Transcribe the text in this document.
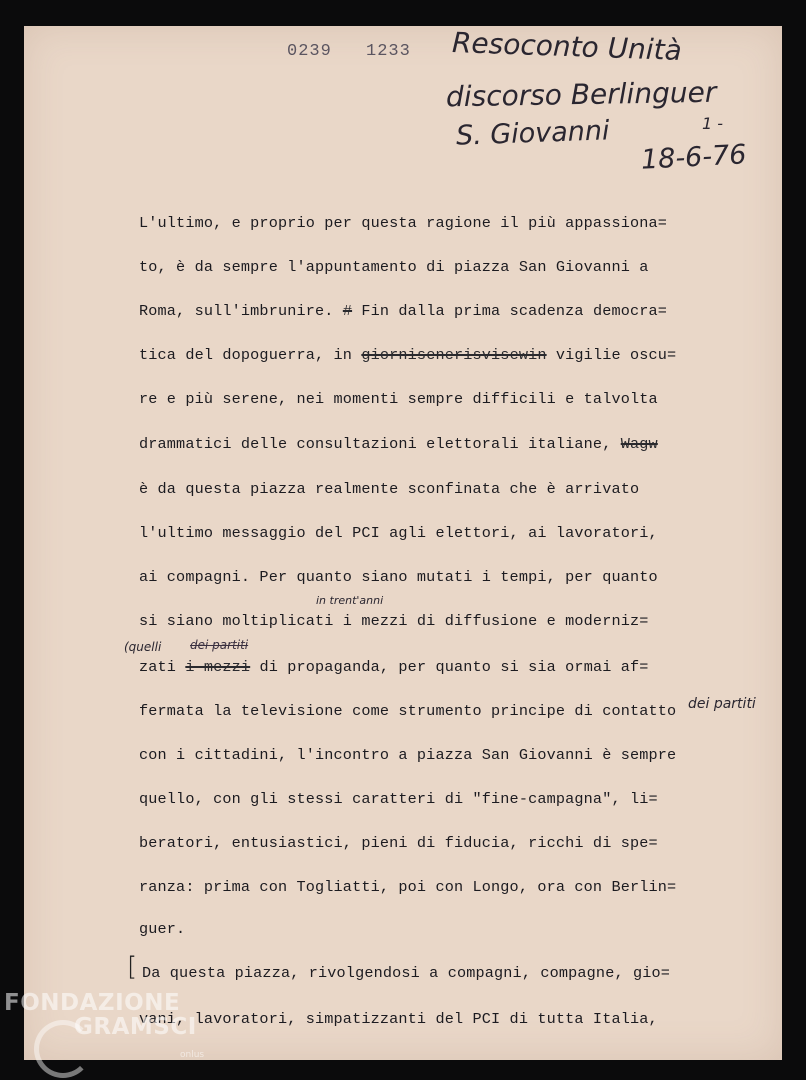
0239 1233 Resoconto Unità
discorso Berlinguer
S. Giovanni	1 -
18-6-76
L'ultimo, e proprio per questa ragione il più appassiona=
to, è da sempre l'appuntamento di piazza San Giovanni a
Roma, sull'imbrunire. # Fin dalla prima scadenza democra=
tica del dopoguerra, in giornisenerisvisewin vigilie oscu=
re e più serene, nei momenti sempre difficili e talvolta
drammatici delle consultazioni elettorali italiane, Wagw
è da questa piazza realmente sconfinata che è arrivato
l'ultimo messaggio del PCI agli elettori, ai lavoratori,
ai compagni. Per quanto siano mutati i tempi, per quanto
in trent'anni
si siano moltiplicati i mezzi di diffusione e moderniz=
(quelli
zati i mezzi di propaganda, per quanto si sia ormai af=
dei partiti
fermata la televisione come strumento principe di contatto dei partiti
con i cittadini, l'incontro a piazza San Giovanni è sempre
quello, con gli stessi caratteri di "fine-campagna", li=
beratori, entusiastici, pieni di fiducia, ricchi di spe=
ranza: prima con Togliatti, poi con Longo, ora con Berlin=
guer.
[ Da questa piazza, rivolgendosi a compagni, compagne, gio=
vani, lavoratori, simpatizzanti del PCI di tutta Italia,
FONDAZIONE
GRAMSCI
onlus
